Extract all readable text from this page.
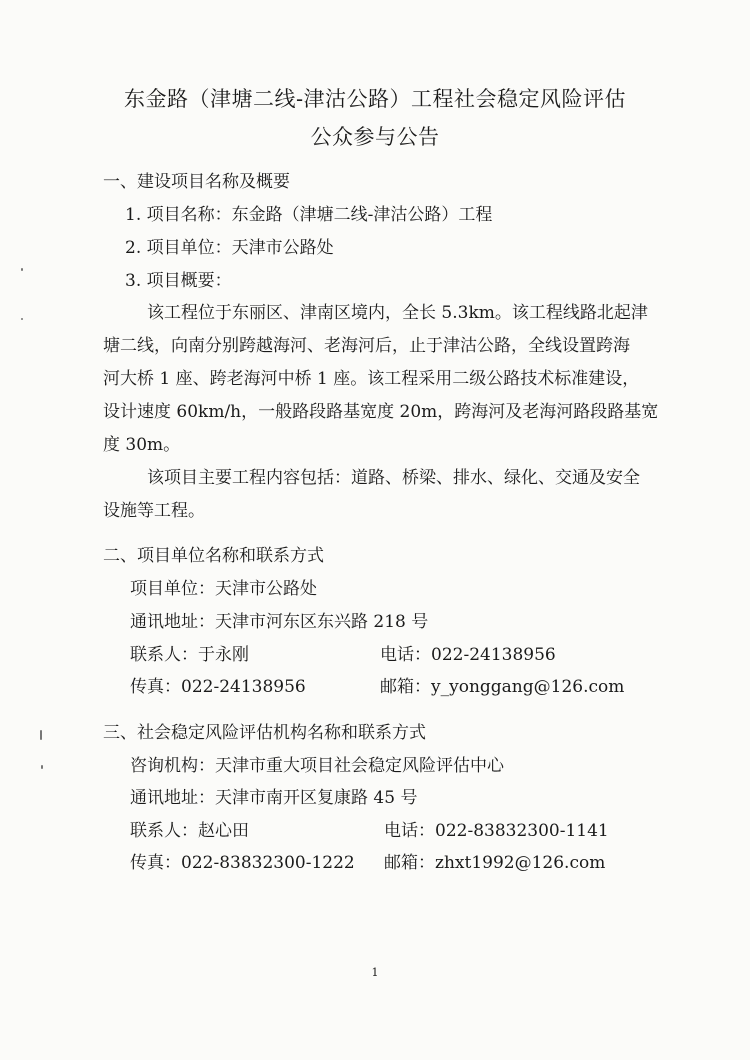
东金路（津塘二线-津沽公路）工程社会稳定风险评估
公众参与公告
一、建设项目名称及概要
1. 项目名称：东金路（津塘二线-津沽公路）工程
2. 项目单位：天津市公路处
3. 项目概要：
该工程位于东丽区、津南区境内，全长 5.3km。该工程线路北起津
塘二线，向南分别跨越海河、老海河后，止于津沽公路，全线设置跨海
河大桥 1 座、跨老海河中桥 1 座。该工程采用二级公路技术标准建设，
设计速度 60km/h，一般路段路基宽度 20m，跨海河及老海河路段路基宽
度 30m。
该项目主要工程内容包括：道路、桥梁、排水、绿化、交通及安全
设施等工程。
二、项目单位名称和联系方式
项目单位：天津市公路处
通讯地址：天津市河东区东兴路 218 号
联系人：于永刚	电话：022-24138956
传真：022-24138956	邮箱：y_yonggang@126.com
三、社会稳定风险评估机构名称和联系方式
咨询机构：天津市重大项目社会稳定风险评估中心
通讯地址：天津市南开区复康路 45 号
联系人：赵心田	电话：022-83832300-1141
传真：022-83832300-1222 邮箱：zhxt1992@126.com
1
